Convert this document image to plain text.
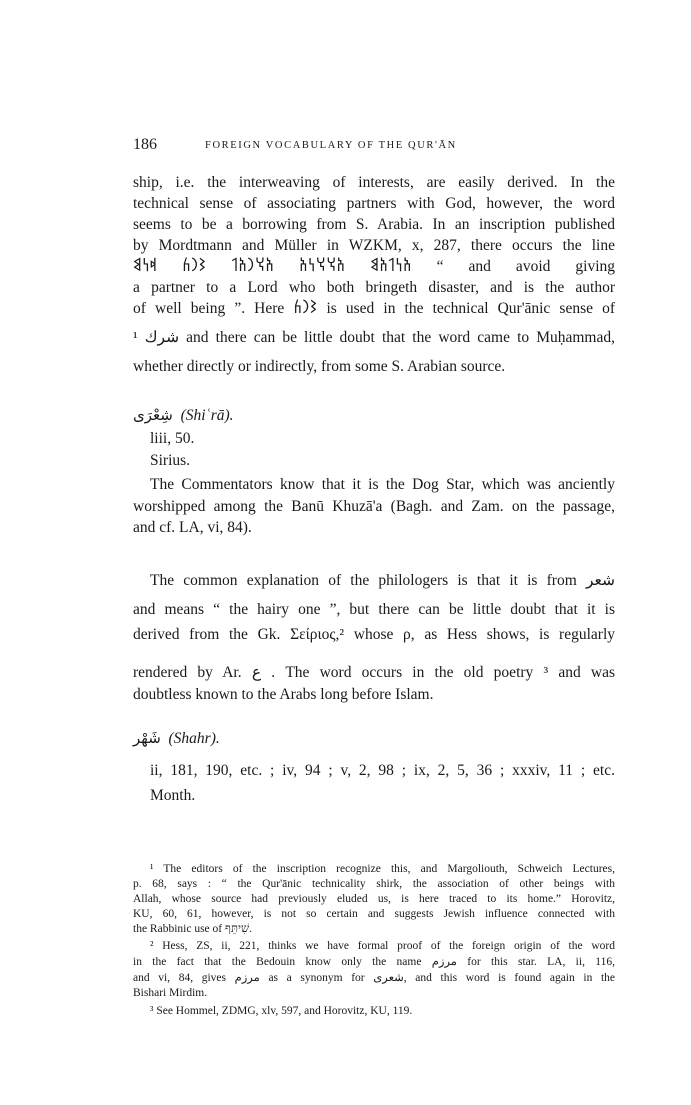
186	FOREIGN VOCABULARY OF THE QUR'ĀN
ship, i.e. the interweaving of interests, are easily derived. In the
technical sense of associating partners with God, however, the word
seems to be a borrowing from S. Arabia. In an inscription published
by Mordtmann and Müller in WZKM, x, 287, there occurs the line
𐩱𐩬𐩡𐩱𐩣 𐩱𐩭𐩭𐩬𐩱 𐩱𐩭𐩧𐩱𐩡 𐩦𐩧𐩫 𐩵𐩬𐩣 “ and avoid giving
a partner to a Lord who both bringeth disaster, and is the author
of well being ”. Here 𐩦𐩧𐩫 is used in the technical Qur'ānic sense of
شرك ¹ and there can be little doubt that the word came to Muḥammad,
whether directly or indirectly, from some S. Arabian source.
شِعْرَى (Shiʿrā).
liii, 50.
Sirius.
The Commentators know that it is the Dog Star, which was anciently
worshipped among the Banū Khuzā'a (Bagh. and Zam. on the passage,
and cf. LA, vi, 84).
The common explanation of the philologers is that it is from شعر
and means “ the hairy one ”, but there can be little doubt that it is
derived from the Gk. Σείριος,² whose ρ, as Hess shows, is regularly
rendered by Ar. ع . The word occurs in the old poetry ³ and was
doubtless known to the Arabs long before Islam.
شَهْر (Shahr).
ii, 181, 190, etc. ; iv, 94 ; v, 2, 98 ; ix, 2, 5, 36 ; xxxiv, 11 ; etc.
Month.
¹ The editors of the inscription recognize this, and Margoliouth, Schweich Lectures,
p. 68, says : “ the Qur'ānic technicality shirk, the association of other beings with
Allah, whose source had previously eluded us, is here traced to its home.” Horovitz,
KU, 60, 61, however, is not so certain and suggests Jewish influence connected with
the Rabbinic use of שִׁיתֵּף.
² Hess, ZS, ii, 221, thinks we have formal proof of the foreign origin of the word
in the fact that the Bedouin know only the name مرزم for this star. LA, ii, 116,
and vi, 84, gives مرزم as a synonym for شعرى, and this word is found again in the
Bishari Mirdim.
³ See Hommel, ZDMG, xlv, 597, and Horovitz, KU, 119.
